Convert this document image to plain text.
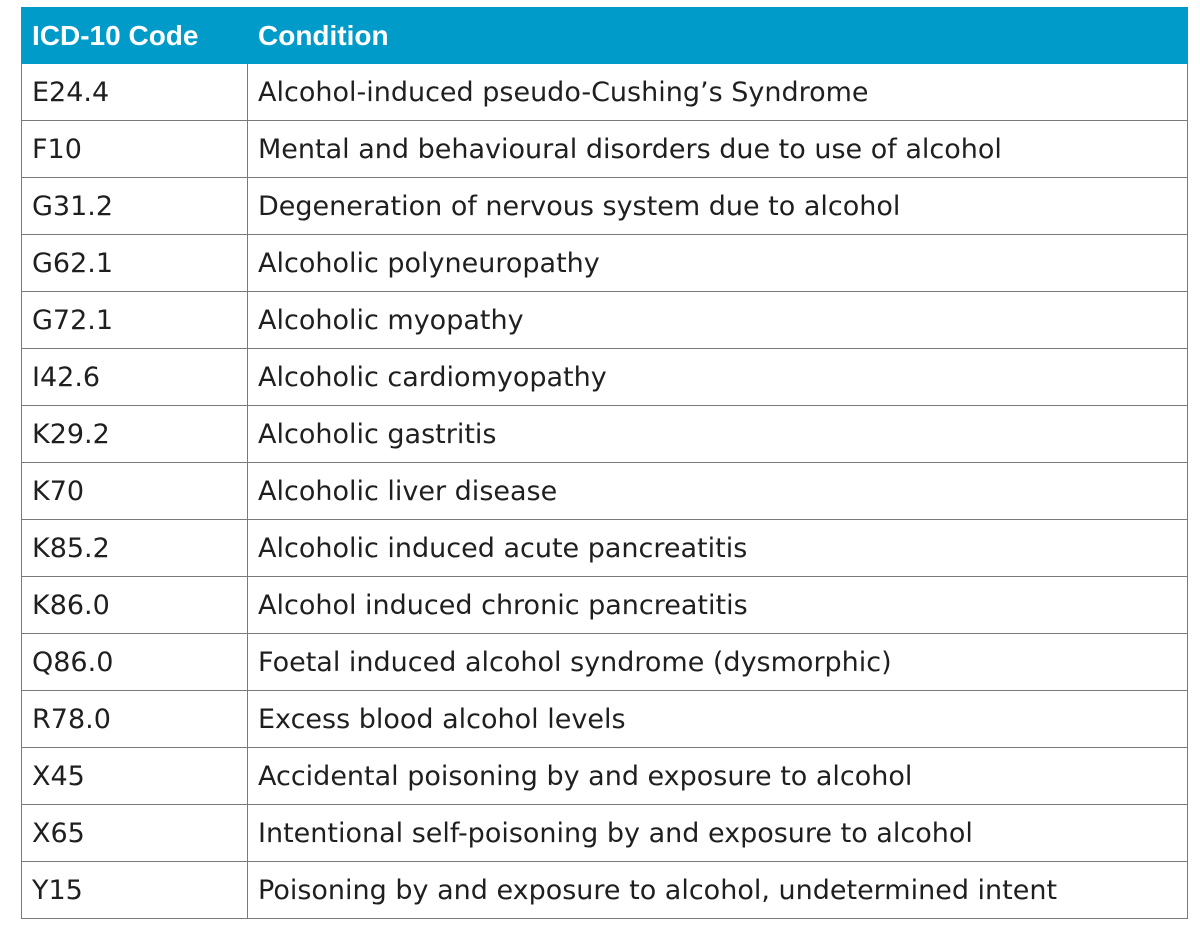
ICD-10 Code	Condition
E24.4	Alcohol-induced pseudo-Cushing’s Syndrome
F10	Mental and behavioural disorders due to use of alcohol
G31.2	Degeneration of nervous system due to alcohol
G62.1	Alcoholic polyneuropathy
G72.1	Alcoholic myopathy
I42.6	Alcoholic cardiomyopathy
K29.2	Alcoholic gastritis
K70	Alcoholic liver disease
K85.2	Alcoholic induced acute pancreatitis
K86.0	Alcohol induced chronic pancreatitis
Q86.0	Foetal induced alcohol syndrome (dysmorphic)
R78.0	Excess blood alcohol levels
X45	Accidental poisoning by and exposure to alcohol
X65	Intentional self-poisoning by and exposure to alcohol
Y15	Poisoning by and exposure to alcohol, undetermined intent
